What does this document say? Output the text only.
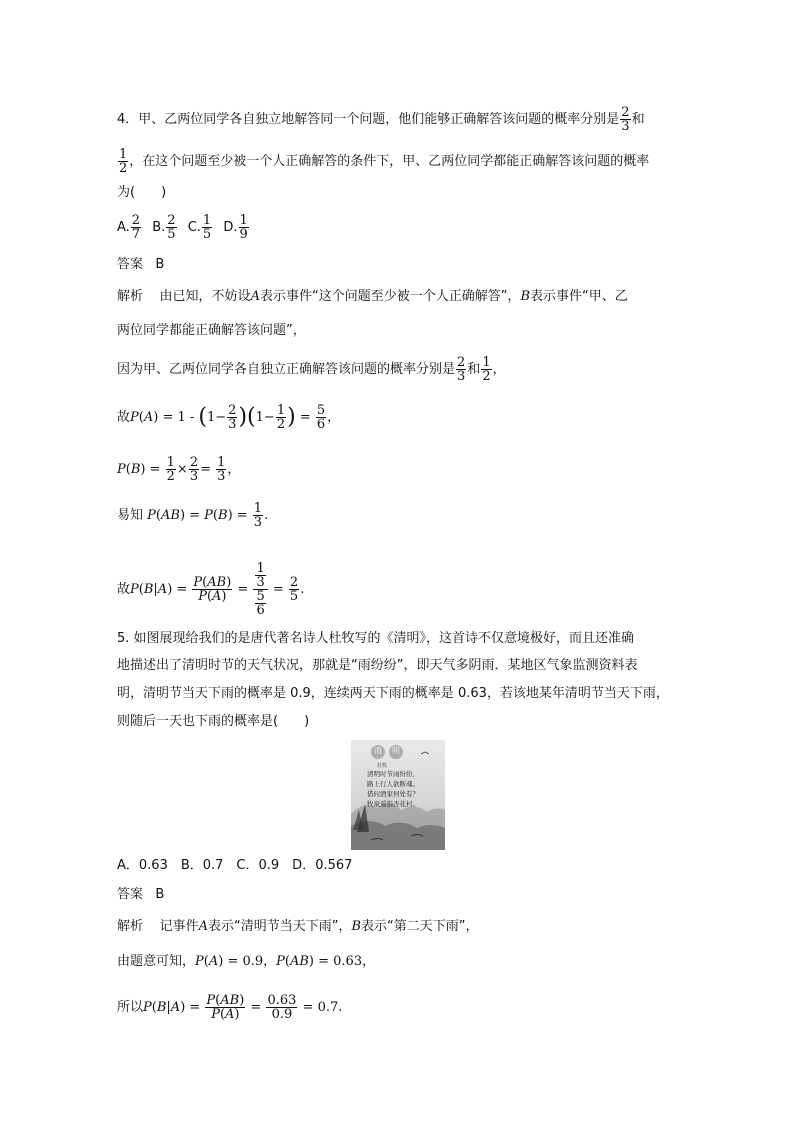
4．甲、乙两位同学各自独立地解答同一个问题，他们能够正确解答该问题的概率分别是 $\frac{2}{3}$ 和
$\frac{1}{2}$ ，在这个问题至少被一个人正确解答的条件下，甲、乙两位同学都能正确解答该问题的概率
为(　　)
A. $\frac{2}{7} B$. $\frac{2}{5} C$. $\frac{1}{5} D$. $\frac{1}{9}$
答案 B
解析 由已知，不妨设A表示事件“这个问题至少被一个人正确解答”，B表示事件“甲、乙
两位同学都能正确解答该问题”，
因为甲、乙两位同学各自独立正确解答该问题的概率分别是 $\frac{2}{3}$ 和 $\frac{1}{2}$ ，
故$P(A) = 1 - (1- \frac{2}{3} )(1- \frac{1}{2}$ ) = $\frac{5}{6}$ ，
$P(B) = \frac{1}{2} \times \frac{2}{3} = \frac{1}{3}$ ，
易知 $P(AB) = P(B) = \frac{1}{3}$ .
故$P(B|A) = \frac{P(AB)}{P(A)} = \frac{\frac{1}{3}}{\frac{5}{6}} = \frac{2}{5}$ .
5. 如图展现给我们的是唐代著名诗人杜牧写的《清明》，这首诗不仅意境极好，而且还准确
地描述出了清明时节的天气状况，那就是“雨纷纷”，即天气多阴雨．某地区气象监测资料表
明，清明节当天下雨的概率是 0.9，连续两天下雨的概率是 0.63，若该地某年清明节当天下雨，
则随后一天也下雨的概率是(　　)
清 明
杜牧
清明时节雨纷纷，
路上行人欲断魂。
借问酒家何处有？
牧童遥指杏花村。
A．0.63　B．0.7　C．0.9　D．0.567
答案 B
解析 记事件A表示“清明节当天下雨”，B表示“第二天下雨”，
由题意可知，P(A) = 0.9，P(AB) = 0.63，
所以$P(B|A) = \frac{P(AB)}{P(A)} = \frac{0.63}{0.9} = 0.7$.
